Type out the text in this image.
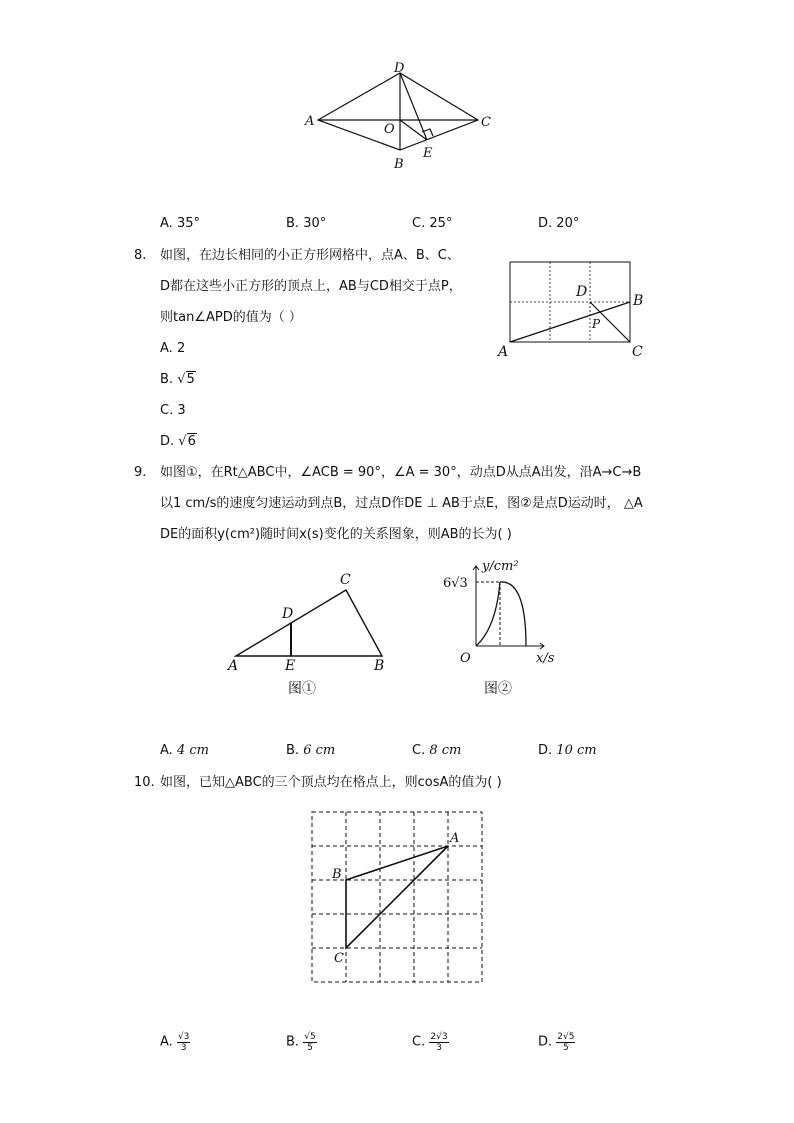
A
D
C
O
B
E
A. 35°	B. 30°	C. 25°	D. 20°
8. 如图，在边长相同的小正方形网格中，点A、B、C、
D都在这些小正方形的顶点上，AB与CD相交于点P，
则tan∠APD的值为（ ）
A	C
B
D
P
A. 2
B. √5
C. 3
D. √6
9. 如图①，在Rt△ABC中，∠ACB = 90°，∠A = 30°，动点D从点A出发，沿A→C→B
以1 cm/s的速度匀速运动到点B，过点D作DE ⊥ AB于点E，图②是点D运动时， △A
DE的面积y(cm²)随时间x(s)变化的关系图象，则AB的长为( )
C
D
A	E	B
图①
y/cm²
6√3
O	x/s
图②
A. 4 cm	B. 6 cm	C. 8 cm	D. 10 cm
10. 如图，已知△ABC的三个顶点均在格点上，则cosA的值为( )
A
B
C
A. $\frac{√3}{3}$	B. $\frac{√5}{5}$	C. $\frac{2√3}{3}$	D. $\frac{2√5}{5}$
